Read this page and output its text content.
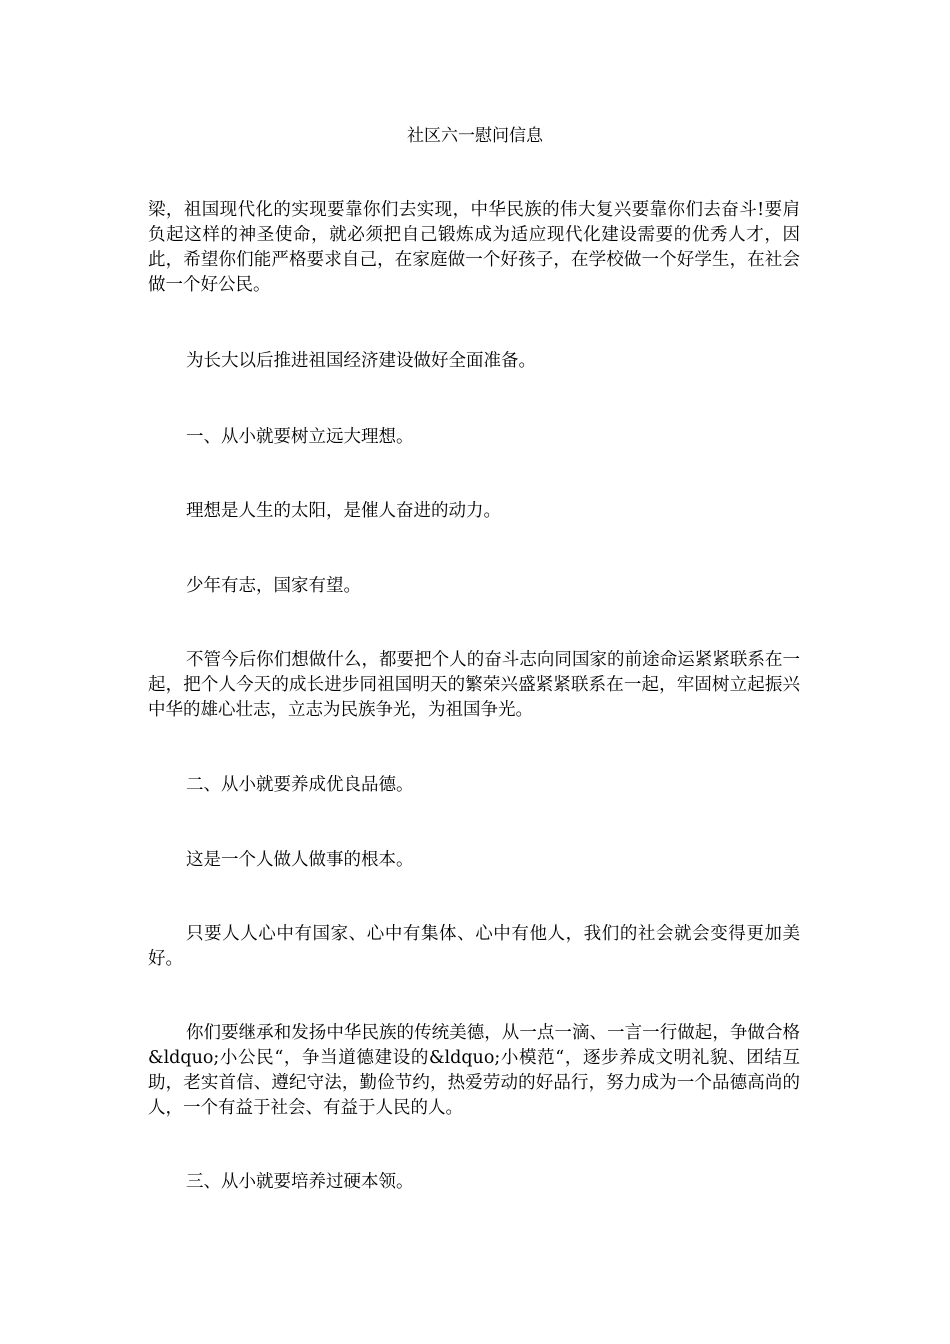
社区六一慰问信息

梁，祖国现代化的实现要靠你们去实现，中华民族的伟大复兴要靠你们去奋斗!要肩负起这样的神圣使命，就必须把自己锻炼成为适应现代化建设需要的优秀人才，因此，希望你们能严格要求自己，在家庭做一个好孩子，在学校做一个好学生，在社会做一个好公民。

为长大以后推进祖国经济建设做好全面准备。

一、从小就要树立远大理想。

理想是人生的太阳，是催人奋进的动力。

少年有志，国家有望。

不管今后你们想做什么，都要把个人的奋斗志向同国家的前途命运紧紧联系在一起，把个人今天的成长进步同祖国明天的繁荣兴盛紧紧联系在一起，牢固树立起振兴中华的雄心壮志，立志为民族争光，为祖国争光。

二、从小就要养成优良品德。

这是一个人做人做事的根本。

只要人人心中有国家、心中有集体、心中有他人，我们的社会就会变得更加美好。

你们要继承和发扬中华民族的传统美德，从一点一滴、一言一行做起，争做合格&ldquo;小公民“，争当道德建设的&ldquo;小模范“，逐步养成文明礼貌、团结互助，老实首信、遵纪守法，勤俭节约，热爱劳动的好品行，努力成为一个品德高尚的人，一个有益于社会、有益于人民的人。

三、从小就要培养过硬本领。
